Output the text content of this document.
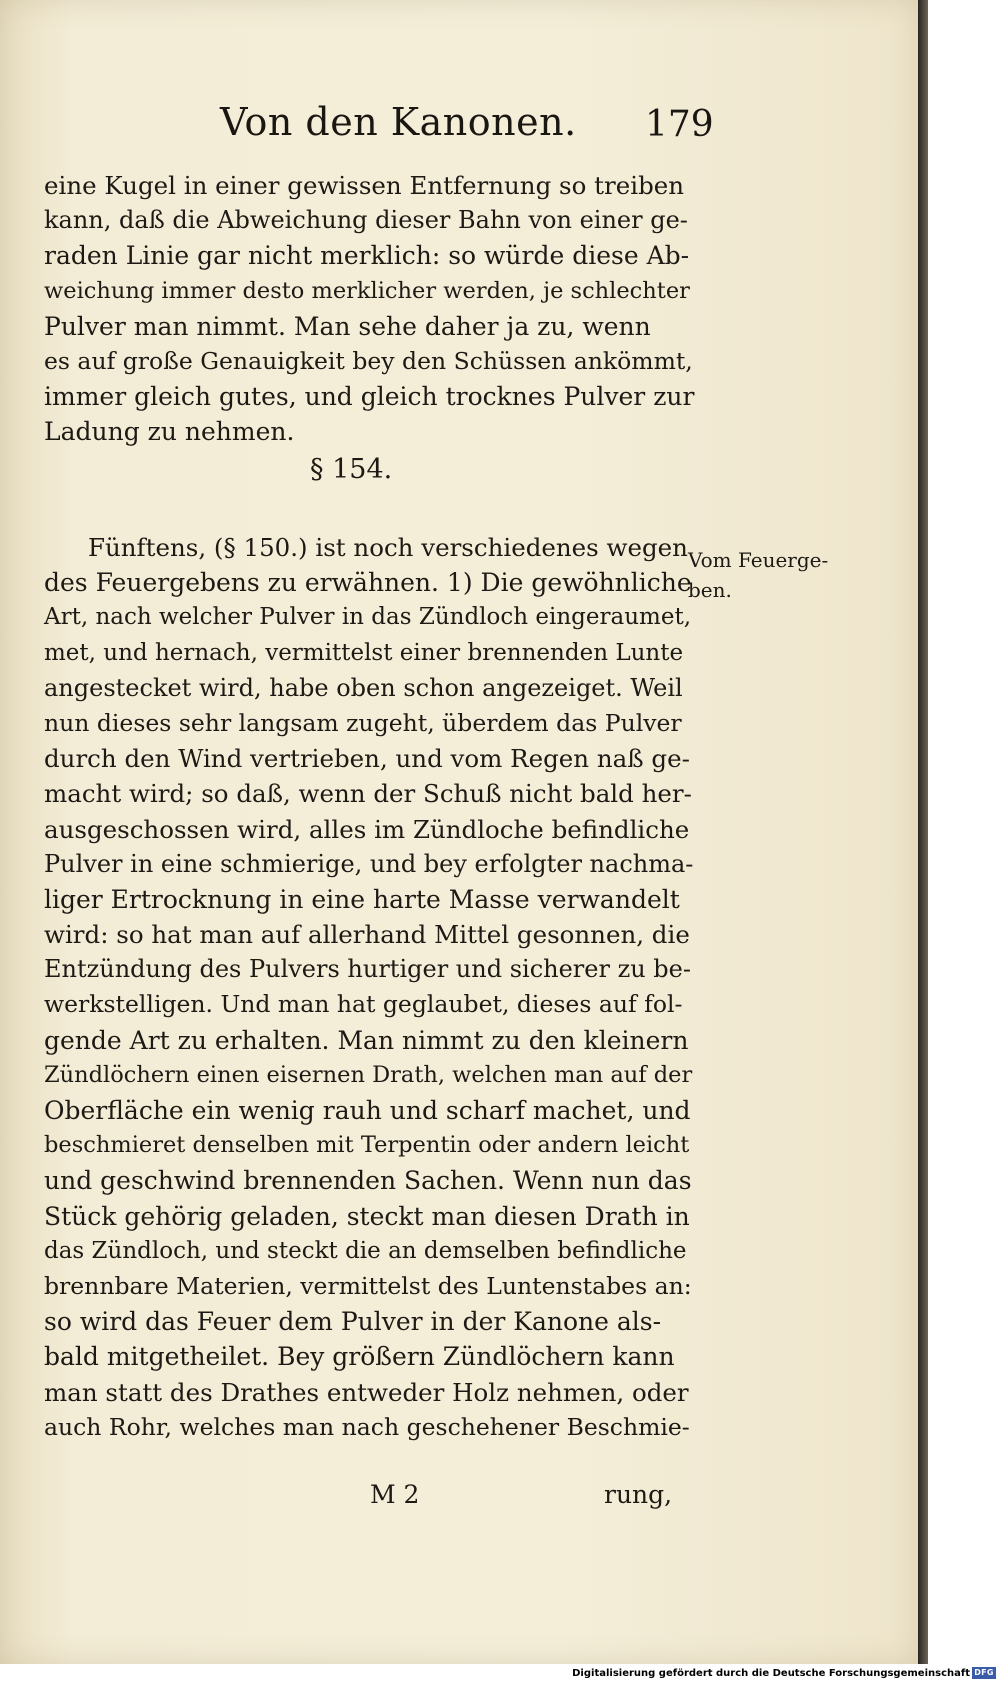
Von den Kanonen. 179
eine Kugel in einer gewissen Entfernung so treiben
kann, daß die Abweichung dieser Bahn von einer ge-
raden Linie gar nicht merklich: so würde diese Ab-
weichung immer desto merklicher werden, je schlechter
Pulver man nimmt. Man sehe daher ja zu, wenn
es auf große Genauigkeit bey den Schüssen ankömmt,
immer gleich gutes, und gleich trocknes Pulver zur
Ladung zu nehmen.
§ 154.
Vom Feuerge-
ben.
Fünftens, (§ 150.) ist noch verschiedenes wegen
des Feuergebens zu erwähnen. 1) Die gewöhnliche
Art, nach welcher Pulver in das Zündloch eingeraumet,
met, und hernach, vermittelst einer brennenden Lunte
angestecket wird, habe oben schon angezeiget. Weil
nun dieses sehr langsam zugeht, überdem das Pulver
durch den Wind vertrieben, und vom Regen naß ge-
macht wird; so daß, wenn der Schuß nicht bald her-
ausgeschossen wird, alles im Zündloche befindliche
Pulver in eine schmierige, und bey erfolgter nachma-
liger Ertrocknung in eine harte Masse verwandelt
wird: so hat man auf allerhand Mittel gesonnen, die
Entzündung des Pulvers hurtiger und sicherer zu be-
werkstelligen. Und man hat geglaubet, dieses auf fol-
gende Art zu erhalten. Man nimmt zu den kleinern
Zündlöchern einen eisernen Drath, welchen man auf der
Oberfläche ein wenig rauh und scharf machet, und
beschmieret denselben mit Terpentin oder andern leicht
und geschwind brennenden Sachen. Wenn nun das
Stück gehörig geladen, steckt man diesen Drath in
das Zündloch, und steckt die an demselben befindliche
brennbare Materien, vermittelst des Luntenstabes an:
so wird das Feuer dem Pulver in der Kanone als-
bald mitgetheilet. Bey größern Zündlöchern kann
man statt des Drathes entweder Holz nehmen, oder
auch Rohr, welches man nach geschehener Beschmie-
M 2	rung,
Digitalisierung gefördert durch die Deutsche Forschungsgemeinschaft DFG
